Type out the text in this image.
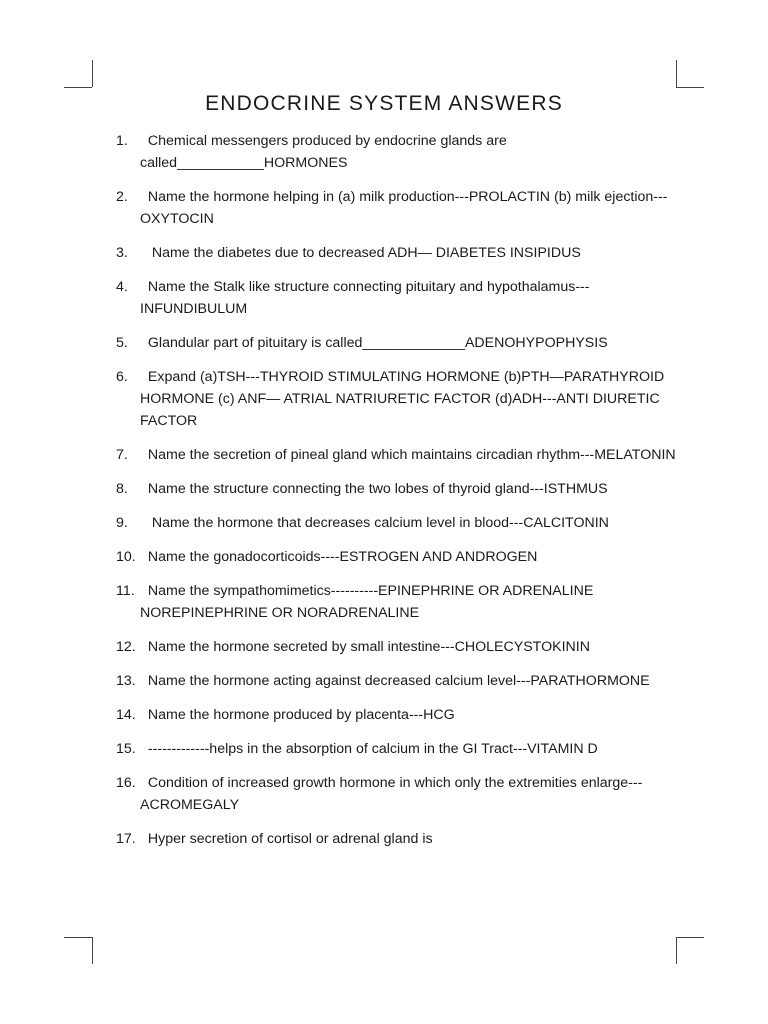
ENDOCRINE SYSTEM ANSWERS
1. Chemical messengers produced by endocrine glands are called___________HORMONES
2. Name the hormone helping in (a) milk production---PROLACTIN (b) milk ejection---OXYTOCIN
3. Name the diabetes due to decreased ADH— DIABETES INSIPIDUS
4. Name the Stalk like structure connecting pituitary and hypothalamus---INFUNDIBULUM
5. Glandular part of pituitary is called_____________ADENOHYPOPHYSIS
6. Expand (a)TSH---THYROID STIMULATING HORMONE (b)PTH—PARATHYROID HORMONE (c) ANF— ATRIAL NATRIURETIC FACTOR (d)ADH---ANTI DIURETIC FACTOR
7. Name the secretion of pineal gland which maintains circadian rhythm---MELATONIN
8. Name the structure connecting the two lobes of thyroid gland---ISTHMUS
9. Name the hormone that decreases calcium level in blood---CALCITONIN
10. Name the gonadocorticoids----ESTROGEN AND ANDROGEN
11. Name the sympathomimetics----------EPINEPHRINE OR ADRENALINE NOREPINEPHRINE OR NORADRENALINE
12. Name the hormone secreted by small intestine---CHOLECYSTOKININ
13. Name the hormone acting against decreased calcium level---PARATHORMONE
14. Name the hormone produced by placenta---HCG
15. -------------helps in the absorption of calcium in the GI Tract---VITAMIN D
16. Condition of increased growth hormone in which only the extremities enlarge---ACROMEGALY
17. Hyper secretion of cortisol or adrenal gland is
